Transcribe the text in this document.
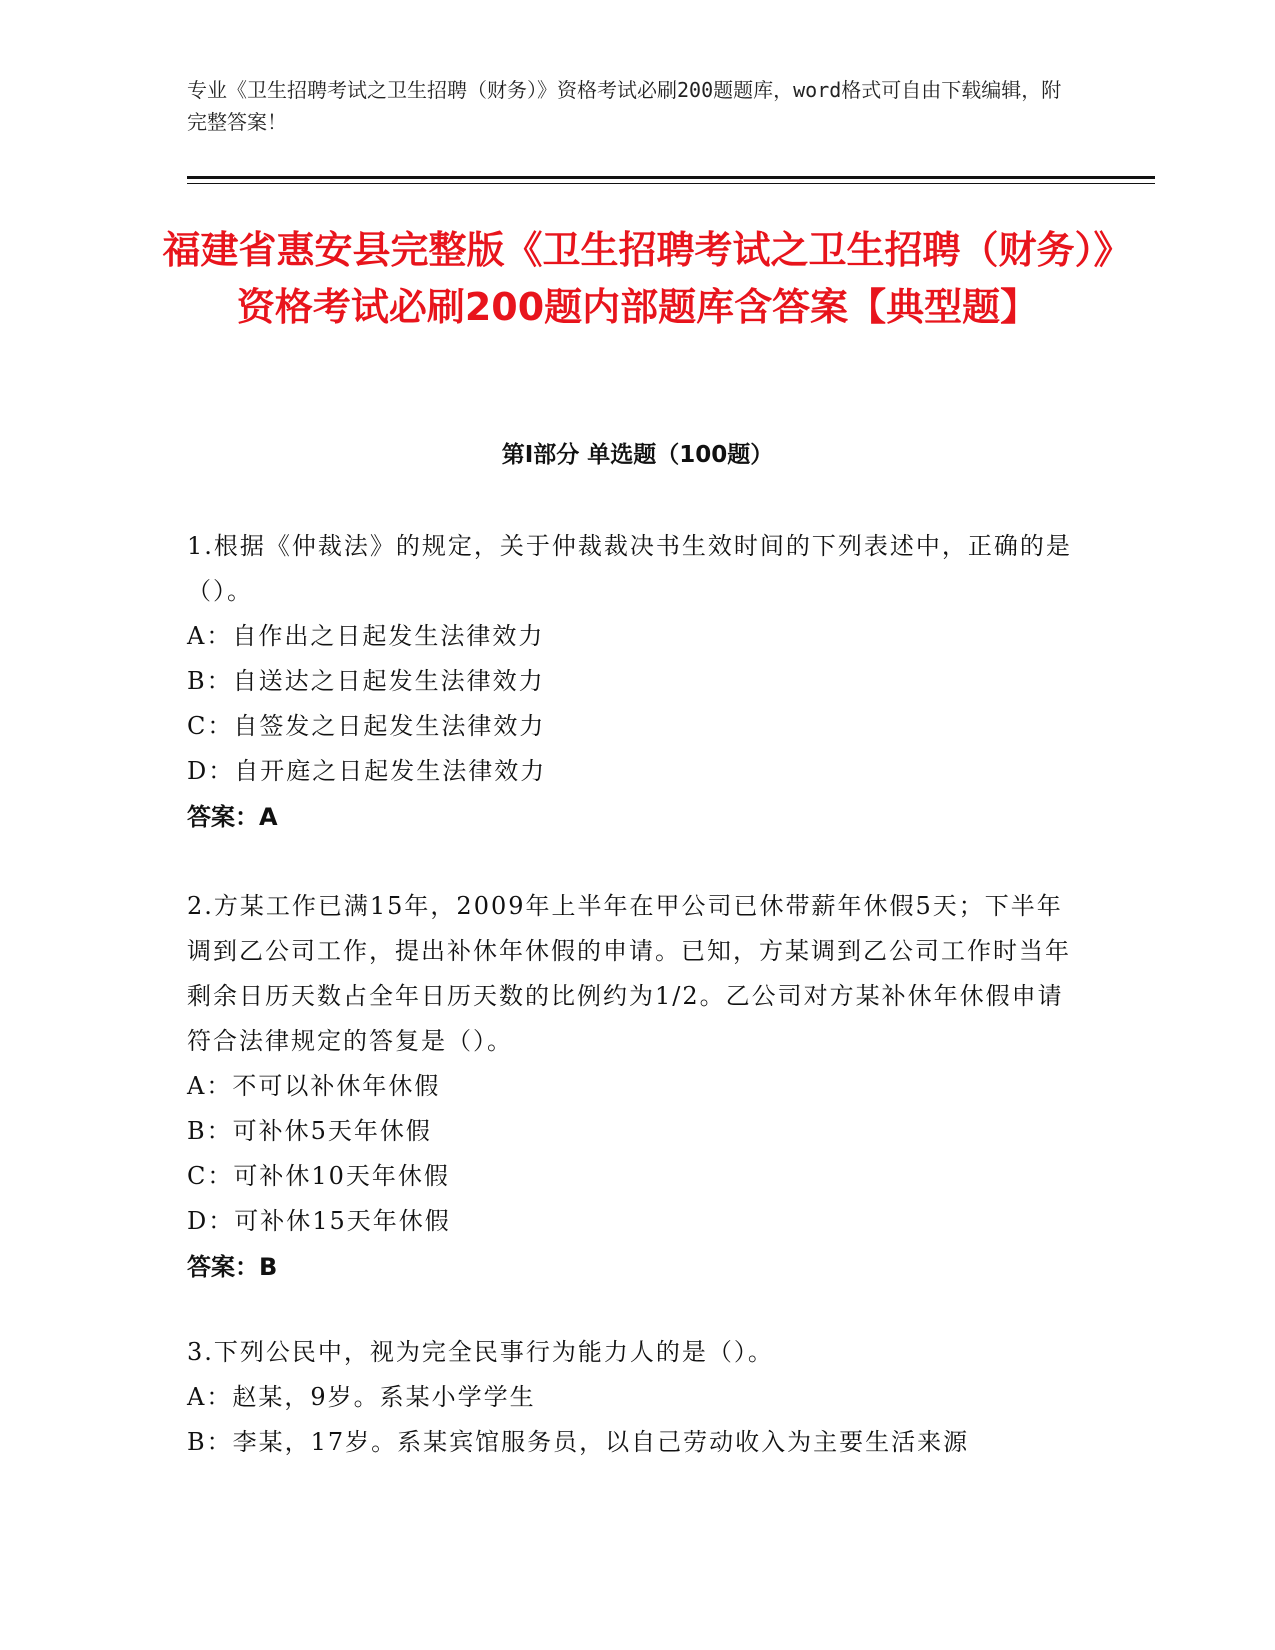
专业《卫生招聘考试之卫生招聘（财务）》资格考试必刷200题题库，word格式可自由下载编辑，附完整答案！
福建省惠安县完整版《卫生招聘考试之卫生招聘（财务）》资格考试必刷200题内部题库含答案【典型题】
第Ⅰ部分 单选题（100题）

1.根据《仲裁法》的规定，关于仲裁裁决书生效时间的下列表述中，正确的是（）。

A：自作出之日起发生法律效力
B：自送达之日起发生法律效力
C：自签发之日起发生法律效力
D：自开庭之日起发生法律效力

答案：A

2.方某工作已满15年，2009年上半年在甲公司已休带薪年休假5天；下半年调到乙公司工作，提出补休年休假的申请。已知，方某调到乙公司工作时当年剩余日历天数占全年日历天数的比例约为1/2。乙公司对方某补休年休假申请符合法律规定的答复是（）。

A：不可以补休年休假
B：可补休5天年休假
C：可补休10天年休假
D：可补休15天年休假

答案：B

3.下列公民中，视为完全民事行为能力人的是（）。

A：赵某，9岁。系某小学学生
B：李某，17岁。系某宾馆服务员，以自己劳动收入为主要生活来源
